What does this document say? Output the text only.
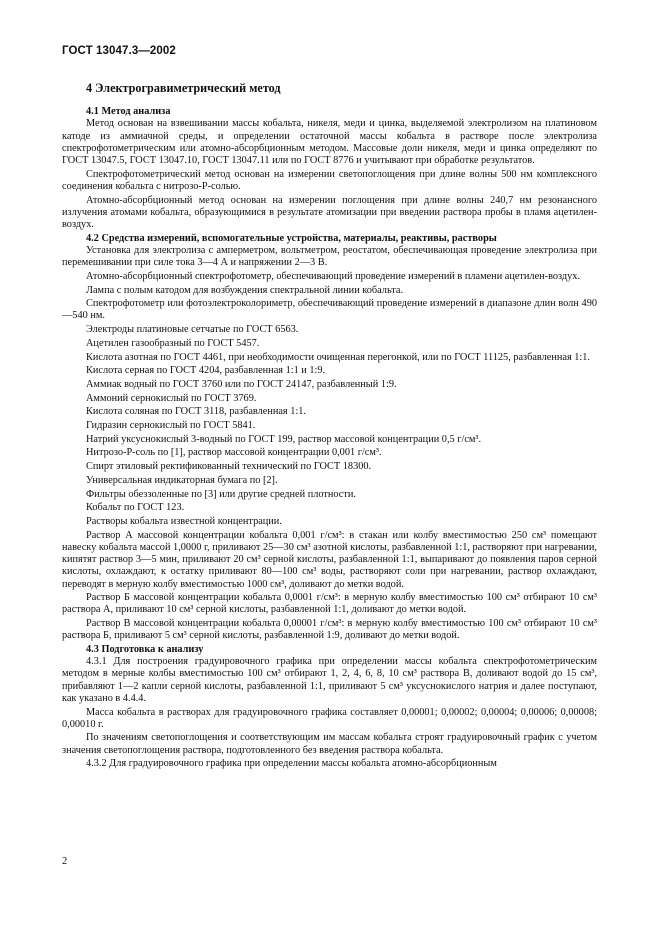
ГОСТ 13047.3—2002
4 Электрогравиметрический метод
4.1 Метод анализа
Метод основан на взвешивании массы кобальта, никеля, меди и цинка, выделяемой электролизом на платиновом катоде из аммиачной среды, и определении остаточной массы кобальта в растворе после электролиза спектрофотометрическим или атомно-абсорбционным методом. Массовые доли никеля, меди и цинка определяют по ГОСТ 13047.5, ГОСТ 13047.10, ГОСТ 13047.11 или по ГОСТ 8776 и учитывают при обработке результатов.
Спектрофотометрический метод основан на измерении светопоглощения при длине волны 500 нм комплексного соединения кобальта с нитрозо-Р-солью.
Атомно-абсорбционный метод основан на измерении поглощения при длине волны 240,7 нм резонансного излучения атомами кобальта, образующимися в результате атомизации при введении раствора пробы в пламя ацетилен-воздух.
4.2 Средства измерений, вспомогательные устройства, материалы, реактивы, растворы
Установка для электролиза с амперметром, вольтметром, реостатом, обеспечивающая проведение электролиза при перемешивании при силе тока 3—4 А и напряжении 2—3 В.
Атомно-абсорбционный спектрофотометр, обеспечивающий проведение измерений в пламени ацетилен-воздух.
Лампа с полым катодом для возбуждения спектральной линии кобальта.
Спектрофотометр или фотоэлектроколориметр, обеспечивающий проведение измерений в диапазоне длин волн 490—540 нм.
Электроды платиновые сетчатые по ГОСТ 6563.
Ацетилен газообразный по ГОСТ 5457.
Кислота азотная по ГОСТ 4461, при необходимости очищенная перегонкой, или по ГОСТ 11125, разбавленная 1:1.
Кислота серная по ГОСТ 4204, разбавленная 1:1 и 1:9.
Аммиак водный по ГОСТ 3760 или по ГОСТ 24147, разбавленный 1:9.
Аммоний сернокислый по ГОСТ 3769.
Кислота соляная по ГОСТ 3118, разбавленная 1:1.
Гидразин сернокислый по ГОСТ 5841.
Натрий уксуснокислый 3-водный по ГОСТ 199, раствор массовой концентрации 0,5 г/см³.
Нитрозо-Р-соль по [1], раствор массовой концентрации 0,001 г/см³.
Спирт этиловый ректификованный технический по ГОСТ 18300.
Универсальная индикаторная бумага по [2].
Фильтры обеззоленные по [3] или другие средней плотности.
Кобальт по ГОСТ 123.
Растворы кобальта известной концентрации.
Раствор А массовой концентрации кобальта 0,001 г/см³: в стакан или колбу вместимостью 250 см³ помещают навеску кобальта массой 1,0000 г, приливают 25—30 см³ азотной кислоты, разбавленной 1:1, растворяют при нагревании, кипятят раствор 3—5 мин, приливают 20 см³ серной кислоты, разбавленной 1:1, выпаривают до появления паров серной кислоты, охлаждают, к остатку приливают 80—100 см³ воды, растворяют соли при нагревании, раствор охлаждают, переводят в мерную колбу вместимостью 1000 см³, доливают до метки водой.
Раствор Б массовой концентрации кобальта 0,0001 г/см³: в мерную колбу вместимостью 100 см³ отбирают 10 см³ раствора А, приливают 10 см³ серной кислоты, разбавленной 1:1, доливают до метки водой.
Раствор В массовой концентрации кобальта 0,00001 г/см³: в мерную колбу вместимостью 100 см³ отбирают 10 см³ раствора Б, приливают 5 см³ серной кислоты, разбавленной 1:9, доливают до метки водой.
4.3 Подготовка к анализу
4.3.1 Для построения градуировочного графика при определении массы кобальта спектрофотометрическим методом в мерные колбы вместимостью 100 см³ отбирают 1, 2, 4, 6, 8, 10 см³ раствора В, доливают водой до 15 см³, прибавляют 1—2 капли серной кислоты, разбавленной 1:1, приливают 5 см³ уксуснокислого натрия и далее поступают, как указано в 4.4.4.
Масса кобальта в растворах для градуировочного графика составляет 0,00001; 0,00002; 0,00004; 0,00006; 0,00008; 0,00010 г.
По значениям светопоглощения и соответствующим им массам кобальта строят градуировочный график с учетом значения светопоглощения раствора, подготовленного без введения раствора кобальта.
4.3.2 Для градуировочного графика при определении массы кобальта атомно-абсорбционным
2
